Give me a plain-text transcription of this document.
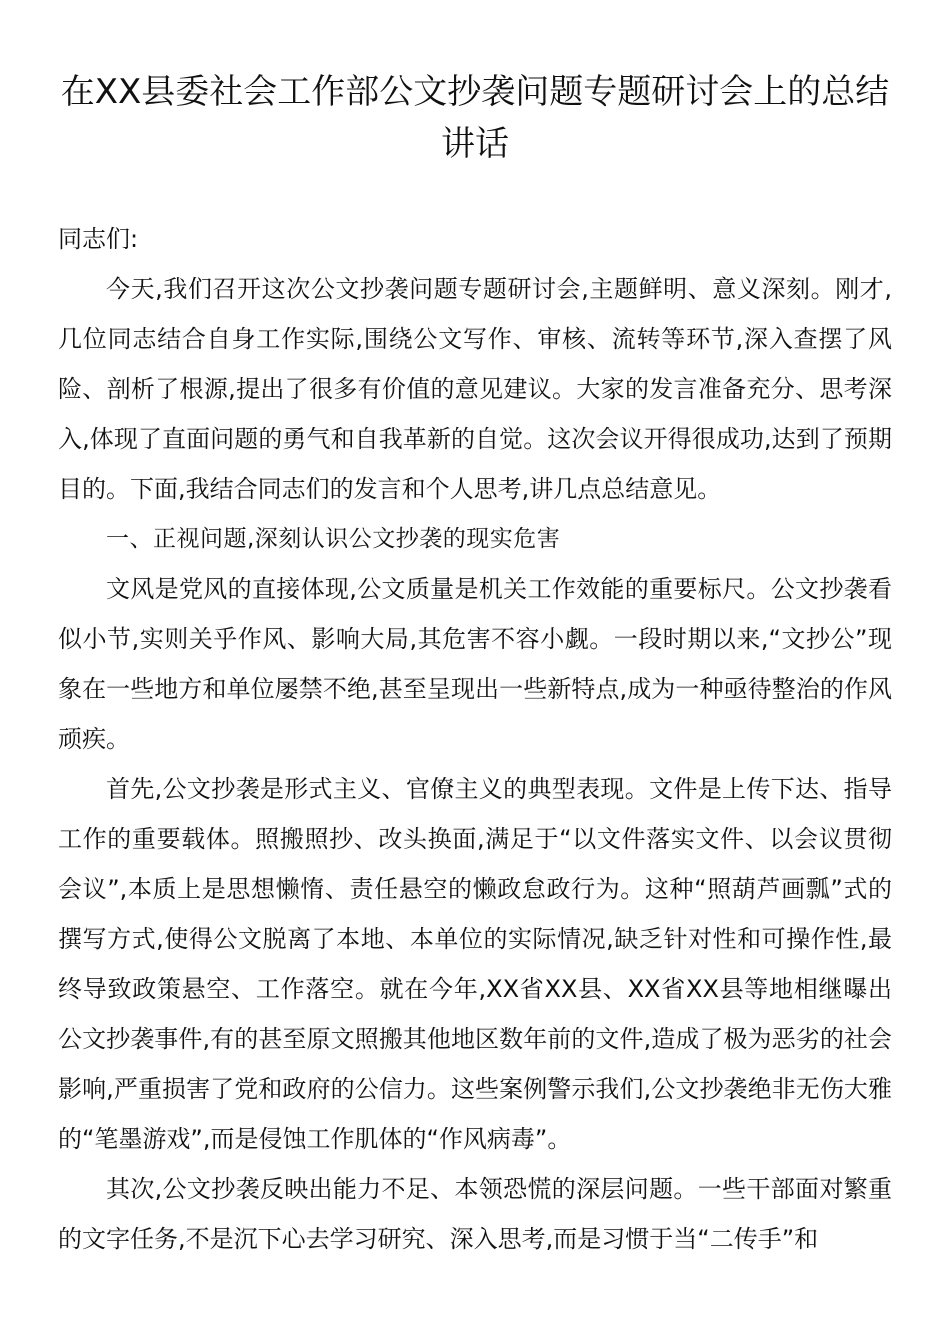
在XX县委社会工作部公文抄袭问题专题研讨会上的总结讲话

同志们:

今天,我们召开这次公文抄袭问题专题研讨会,主题鲜明、意义深刻。刚才,几位同志结合自身工作实际,围绕公文写作、审核、流转等环节,深入查摆了风险、剖析了根源,提出了很多有价值的意见建议。大家的发言准备充分、思考深入,体现了直面问题的勇气和自我革新的自觉。这次会议开得很成功,达到了预期目的。下面,我结合同志们的发言和个人思考,讲几点总结意见。

一、正视问题,深刻认识公文抄袭的现实危害

文风是党风的直接体现,公文质量是机关工作效能的重要标尺。公文抄袭看似小节,实则关乎作风、影响大局,其危害不容小觑。一段时期以来,“文抄公”现象在一些地方和单位屡禁不绝,甚至呈现出一些新特点,成为一种亟待整治的作风顽疾。

首先,公文抄袭是形式主义、官僚主义的典型表现。文件是上传下达、指导工作的重要载体。照搬照抄、改头换面,满足于“以文件落实文件、以会议贯彻会议”,本质上是思想懒惰、责任悬空的懒政怠政行为。这种“照葫芦画瓢”式的撰写方式,使得公文脱离了本地、本单位的实际情况,缺乏针对性和可操作性,最终导致政策悬空、工作落空。就在今年,XX省XX县、XX省XX县等地相继曝出公文抄袭事件,有的甚至原文照搬其他地区数年前的文件,造成了极为恶劣的社会影响,严重损害了党和政府的公信力。这些案例警示我们,公文抄袭绝非无伤大雅的“笔墨游戏”,而是侵蚀工作肌体的“作风病毒”。

其次,公文抄袭反映出能力不足、本领恐慌的深层问题。一些干部面对繁重的文字任务,不是沉下心去学习研究、深入思考,而是习惯于当“二传手”和
